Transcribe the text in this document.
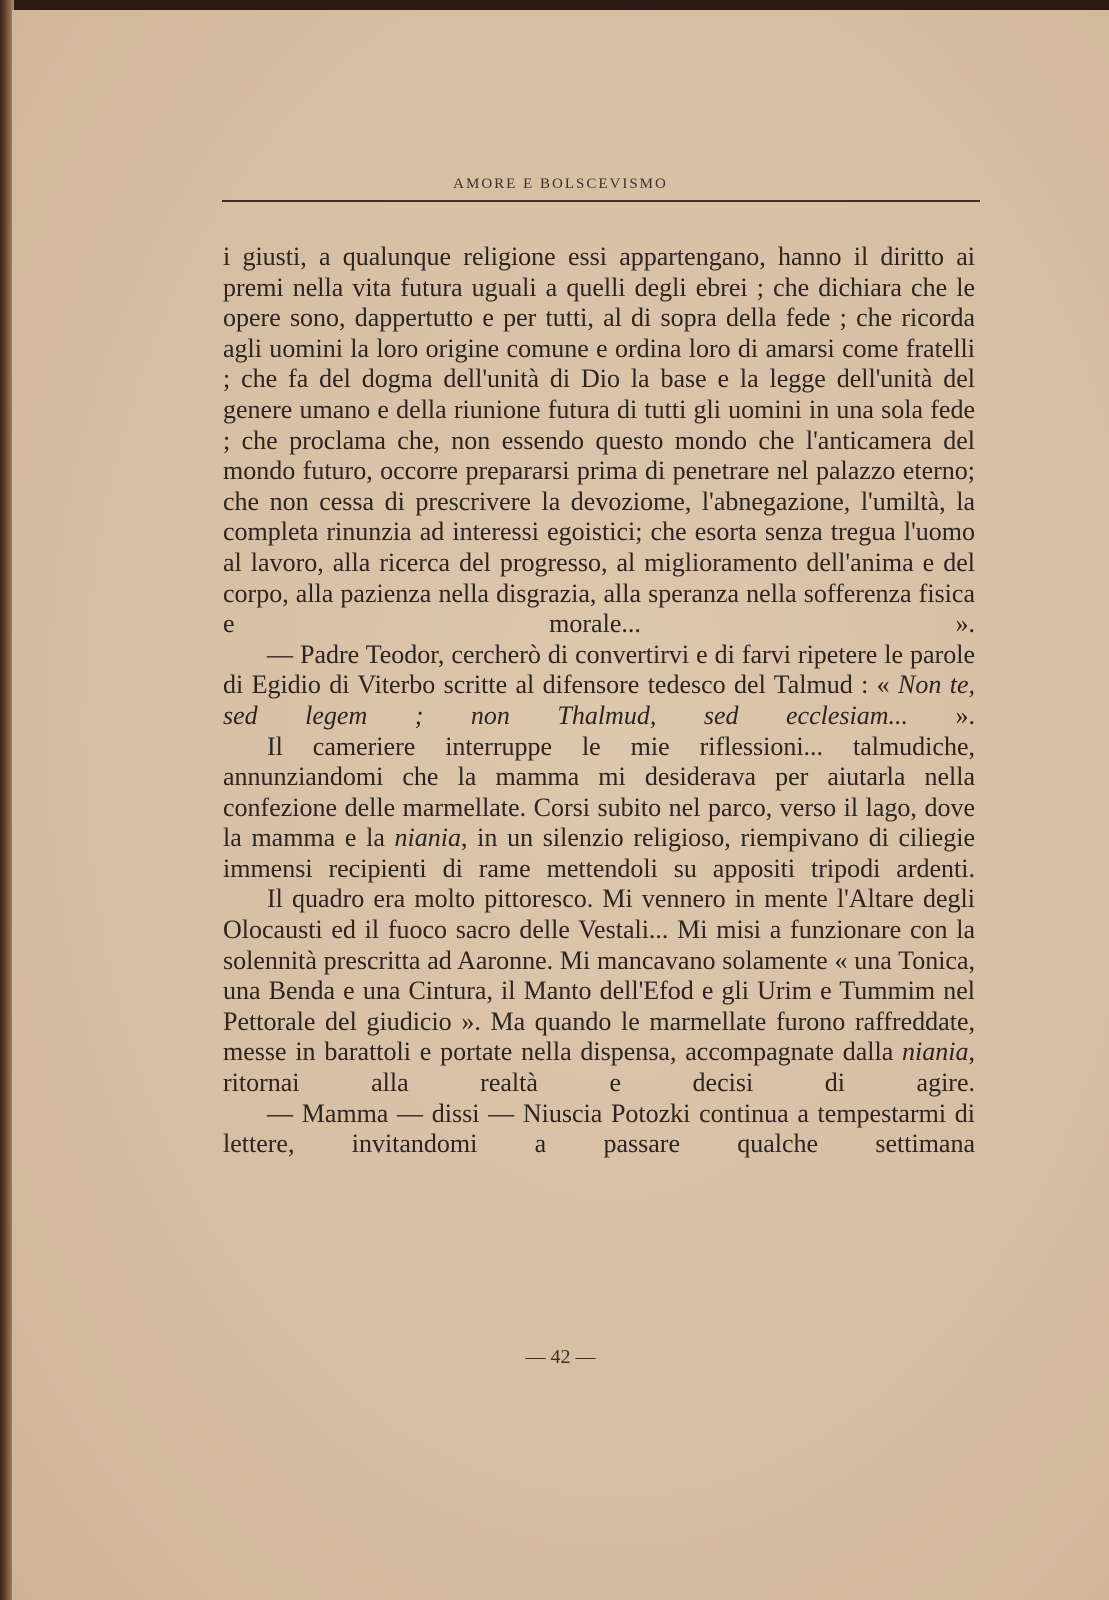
AMORE E BOLSCEVISMO

i giusti, a qualunque religione essi appartengano, hanno il diritto ai premi nella vita futura uguali a quelli degli ebrei ; che dichiara che le opere sono, dappertutto e per tutti, al di sopra della fede ; che ricorda agli uomini la loro origine comune e ordina loro di amarsi come fratelli ; che fa del dogma dell'unità di Dio la base e la legge dell'unità del genere umano e della riunione futura di tutti gli uomini in una sola fede ; che proclama che, non essendo questo mondo che l'anticamera del mondo futuro, occorre prepararsi prima di penetrare nel palazzo eterno; che non cessa di prescrivere la devoziome, l'abnegazione, l'umiltà, la completa rinunzia ad interessi egoistici; che esorta senza tregua l'uomo al lavoro, alla ricerca del progresso, al miglioramento dell'anima e del corpo, alla pazienza nella disgrazia, alla speranza nella sofferenza fisica e morale... ».

— Padre Teodor, cercherò di convertirvi e di farvi ripetere le parole di Egidio di Viterbo scritte al difensore tedesco del Talmud : « Non te, sed legem ; non Thalmud, sed ecclesiam... ».

Il cameriere interruppe le mie riflessioni... talmudiche, annunziandomi che la mamma mi desiderava per aiutarla nella confezione delle marmellate. Corsi subito nel parco, verso il lago, dove la mamma e la niania, in un silenzio religioso, riempivano di ciliegie immensi recipienti di rame mettendoli su appositi tripodi ardenti.

Il quadro era molto pittoresco. Mi vennero in mente l'Altare degli Olocausti ed il fuoco sacro delle Vestali... Mi misi a funzionare con la solennità prescritta ad Aaronne. Mi mancavano solamente « una Tonica, una Benda e una Cintura, il Manto dell'Efod e gli Urim e Tummim nel Pettorale del giudicio ». Ma quando le marmellate furono raffreddate, messe in barattoli e portate nella dispensa, accompagnate dalla niania, ritornai alla realtà e decisi di agire.

— Mamma — dissi — Niuscia Potozki continua a tempestarmi di lettere, invitandomi a passare qualche settimana

— 42 —
